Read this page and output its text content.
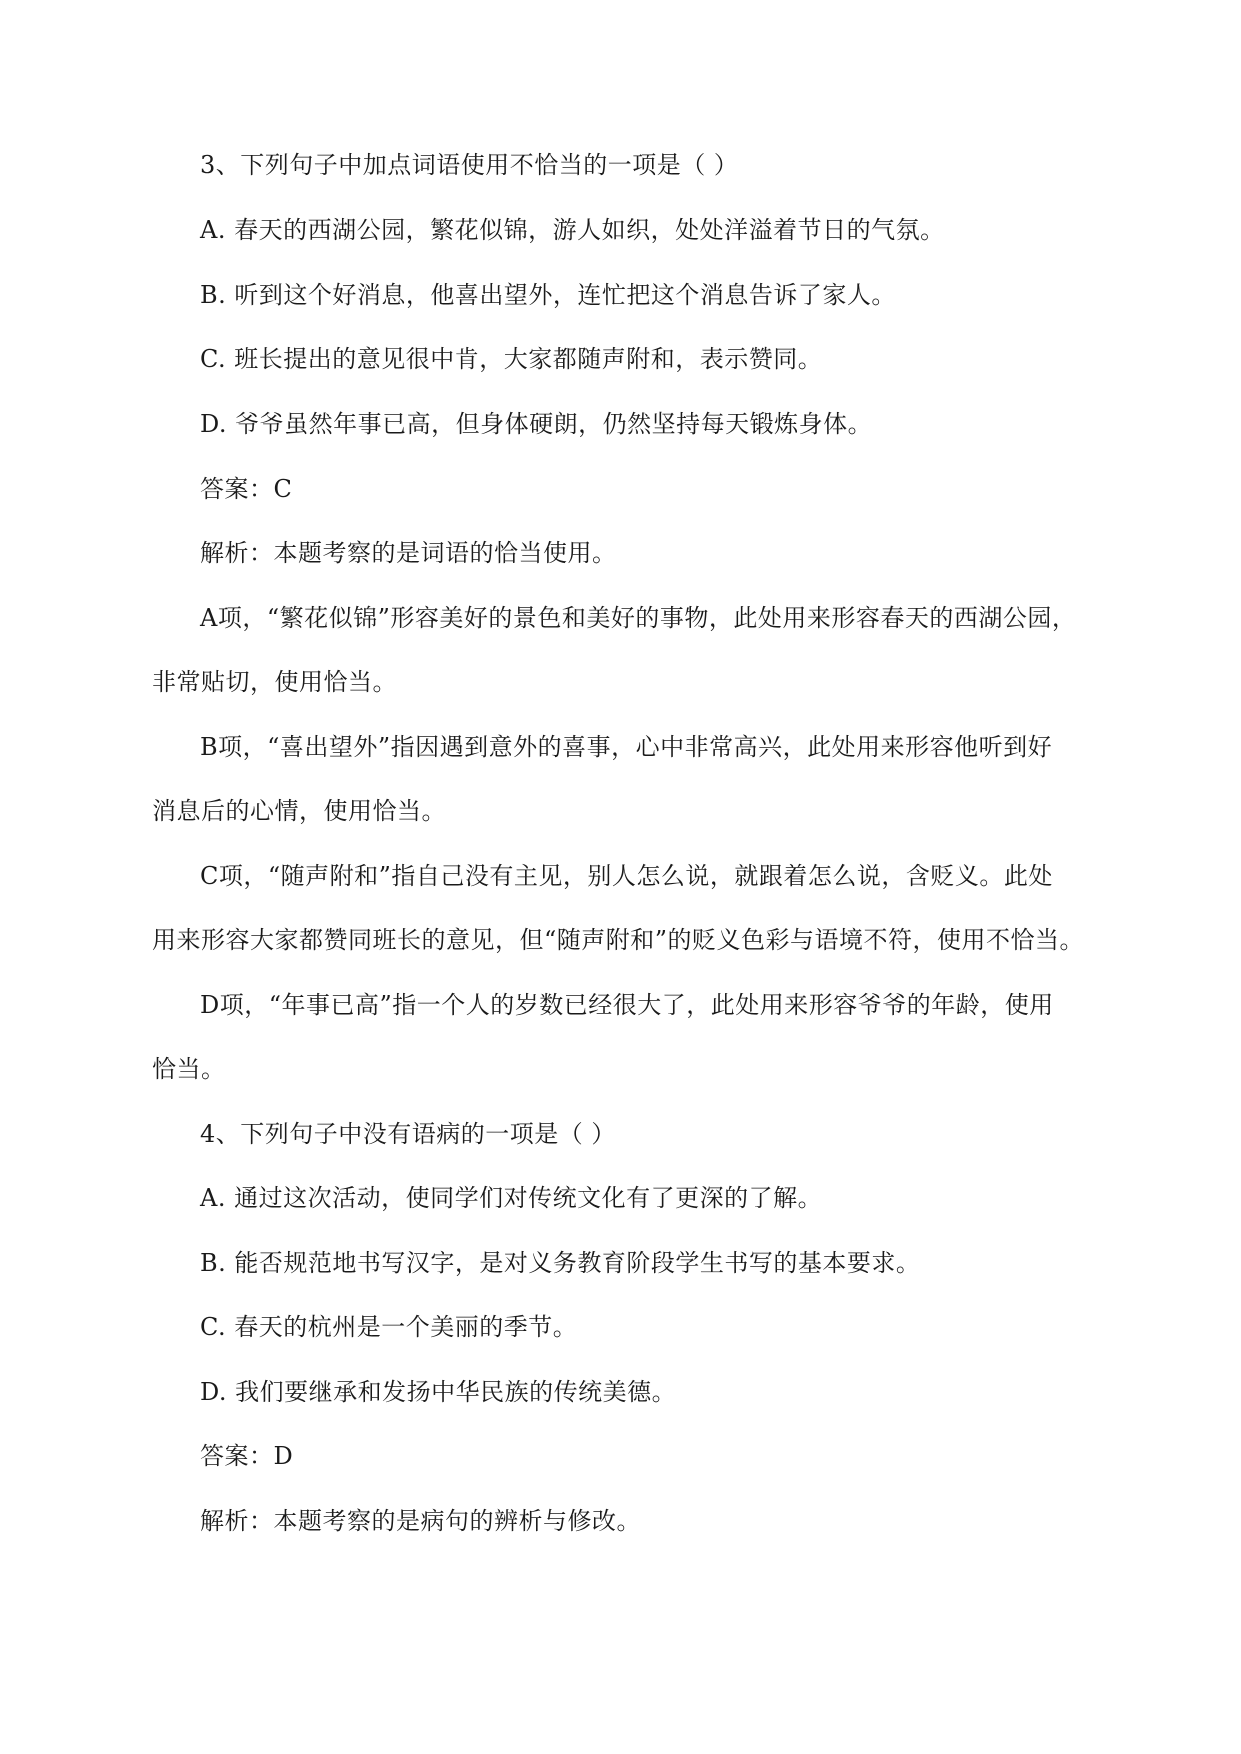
3、下列句子中加点词语使用不恰当的一项是（ ）
A. 春天的西湖公园，繁花似锦，游人如织，处处洋溢着节日的气氛。
B. 听到这个好消息，他喜出望外，连忙把这个消息告诉了家人。
C. 班长提出的意见很中肯，大家都随声附和，表示赞同。
D. 爷爷虽然年事已高，但身体硬朗，仍然坚持每天锻炼身体。
答案：C
解析：本题考察的是词语的恰当使用。
A项，“繁花似锦”形容美好的景色和美好的事物，此处用来形容春天的西湖公园，
非常贴切，使用恰当。
B项，“喜出望外”指因遇到意外的喜事，心中非常高兴，此处用来形容他听到好
消息后的心情，使用恰当。
C项，“随声附和”指自己没有主见，别人怎么说，就跟着怎么说，含贬义。此处
用来形容大家都赞同班长的意见，但“随声附和”的贬义色彩与语境不符，使用不恰当。
D项，“年事已高”指一个人的岁数已经很大了，此处用来形容爷爷的年龄，使用
恰当。
4、下列句子中没有语病的一项是（ ）
A. 通过这次活动，使同学们对传统文化有了更深的了解。
B. 能否规范地书写汉字，是对义务教育阶段学生书写的基本要求。
C. 春天的杭州是一个美丽的季节。
D. 我们要继承和发扬中华民族的传统美德。
答案：D
解析：本题考察的是病句的辨析与修改。
